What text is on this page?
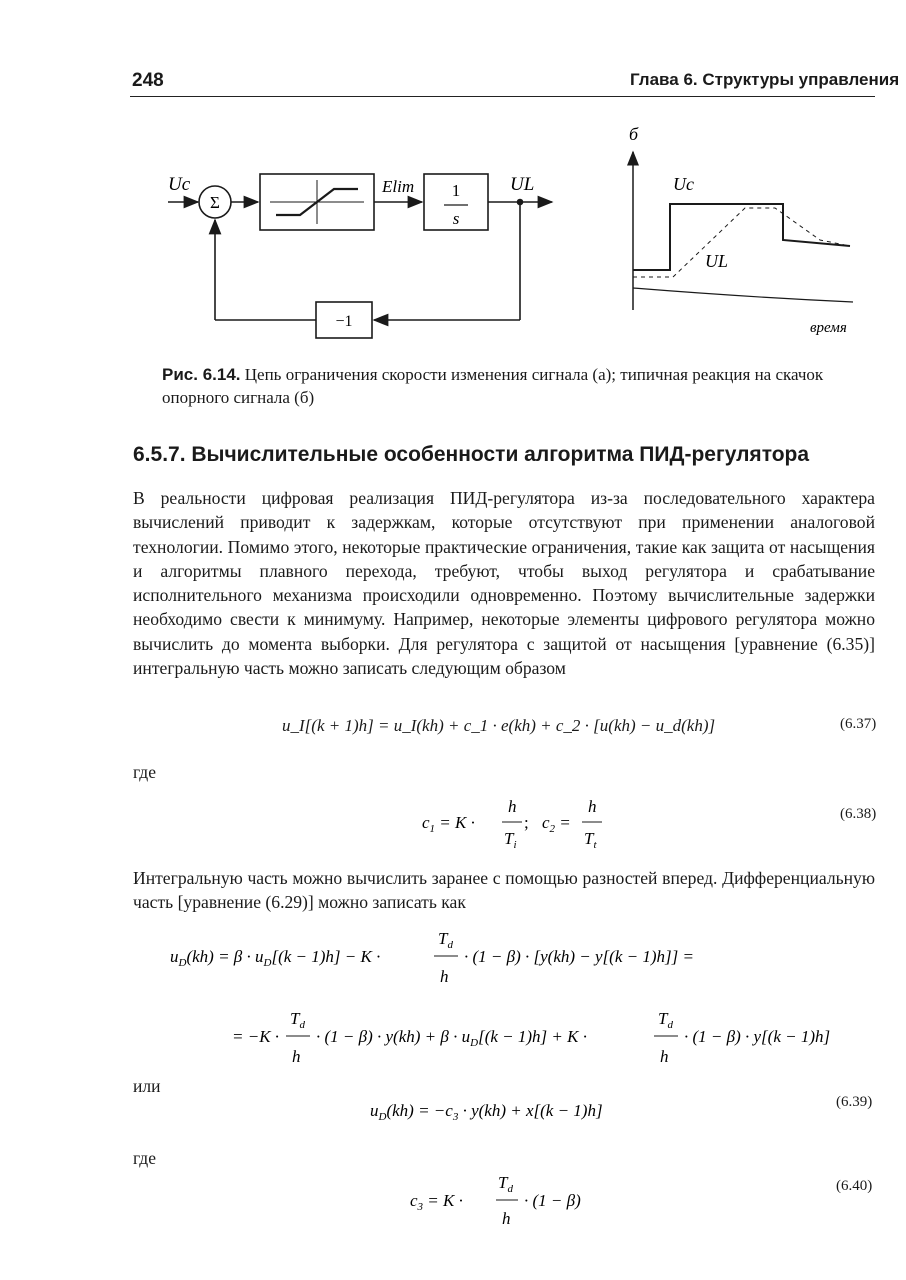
248	Глава 6. Структуры управления
Uc
Σ
Elim 1
s
UL
−1
б
Uc
UL
время
Рис. 6.14. Цепь ограничения скорости изменения сигнала (а); типичная реакция на скачок опорного сигнала (б)
6.5.7. Вычислительные особенности алгоритма ПИД-регулятора
В реальности цифровая реализация ПИД-регулятора из-за последовательного характера вычислений приводит к задержкам, которые отсутствуют при применении аналоговой технологии. Помимо этого, некоторые практические ограничения, такие как защита от насыщения и алгоритмы плавного перехода, требуют, чтобы выход регулятора и срабатывание исполнительного механизма происходили одновременно. Поэтому вычислительные задержки необходимо свести к минимуму. Например, некоторые элементы цифрового регулятора можно вычислить до момента выборки. Для регулятора с защитой от насыщения [уравнение (6.35)] интегральную часть можно записать следующим образом
u_I[(k + 1)h] = u_I(kh) + c_1 · e(kh) + c_2 · [u(kh) − u_d(kh)]	(6.37)
где
$c_1 = K$ ·
h
$T_i$
; $c_2$ =
h
$T_t$
(6.38)
Интегральную часть можно вычислить заранее с помощью разностей вперед. Дифференциальную часть [уравнение (6.29)] можно записать как
$u_D(kh) = \beta \cdot u_D[(k - 1)h] - K$ ·
$T_d$
h
· (1 − β) · [y(kh) − y[(k − 1)h]] =
= −K ·
$T_d$
h
· $(1 - \beta) \cdot y(kh) + \beta \cdot u_D[(k - 1)h] + K$ ·
$T_d$
h
· (1 − β) · y[(k − 1)h]
или
$u_D(kh) = -c_3 \cdot y(kh) + x[(k - 1)h]$	(6.39)
где
$c_3 = K$ ·
$T_d$
h
· (1 − β)
(6.40)
